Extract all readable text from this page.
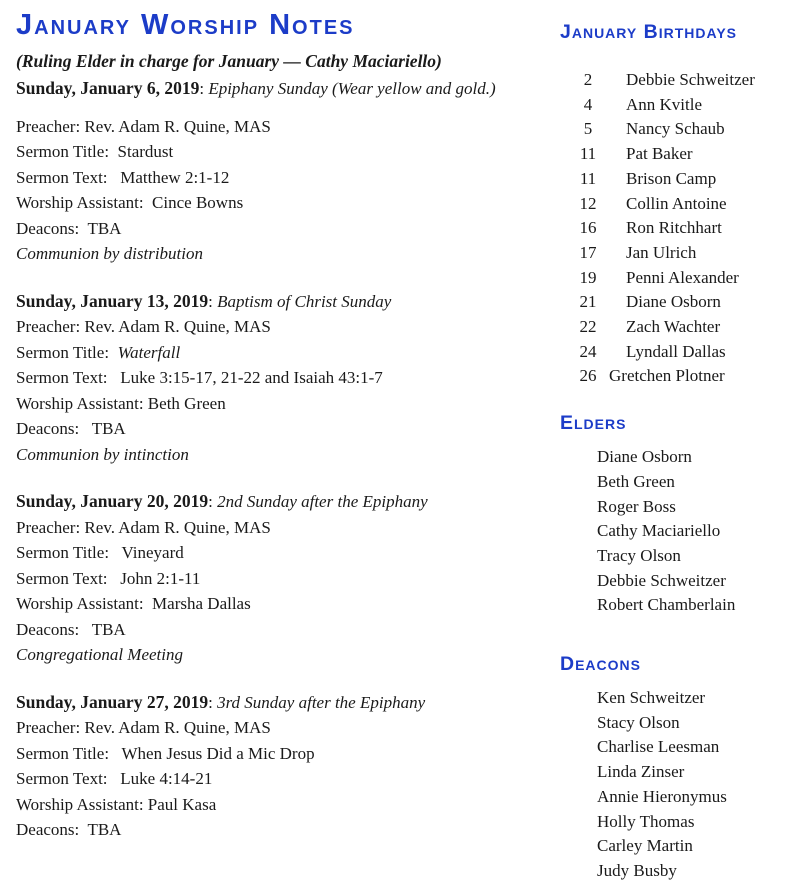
January Worship Notes

(Ruling Elder in charge for January — Cathy Maciariello)

Sunday, January 6, 2019: Epiphany Sunday (Wear yellow and gold.)

Preacher: Rev. Adam R. Quine, MAS

Sermon Title:  Stardust

Sermon Text:   Matthew 2:1-12

Worship Assistant:  Cince Bowns

Deacons:  TBA

Communion by distribution

Sunday, January 13, 2019: Baptism of Christ Sunday

Preacher: Rev. Adam R. Quine, MAS

Sermon Title:  Waterfall

Sermon Text:   Luke 3:15-17, 21-22 and Isaiah 43:1-7

Worship Assistant: Beth Green

Deacons:   TBA

Communion by intinction

Sunday, January 20, 2019: 2nd Sunday after the Epiphany

Preacher: Rev. Adam R. Quine, MAS

Sermon Title:   Vineyard

Sermon Text:   John 2:1-11

Worship Assistant:  Marsha Dallas

Deacons:   TBA

Congregational Meeting

Sunday, January 27, 2019: 3rd Sunday after the Epiphany

Preacher: Rev. Adam R. Quine, MAS

Sermon Title:   When Jesus Did a Mic Drop

Sermon Text:   Luke 4:14-21

Worship Assistant: Paul Kasa

Deacons:  TBA

January Birthdays
2	Debbie Schweitzer
4	Ann Kvitle
5	Nancy Schaub
11	Pat Baker
11	Brison Camp
12	Collin Antoine
16	Ron Ritchhart
17	Jan Ulrich
19	Penni Alexander
21	Diane Osborn
22	Zach Wachter
24	Lyndall Dallas
26 Gretchen Plotner
Elders

Diane Osborn

Beth Green

Roger Boss

Cathy Maciariello

Tracy Olson

Debbie Schweitzer

Robert Chamberlain

Deacons

Ken Schweitzer

Stacy Olson

Charlise Leesman

Linda Zinser

Annie Hieronymus

Holly Thomas

Carley Martin

Judy Busby
